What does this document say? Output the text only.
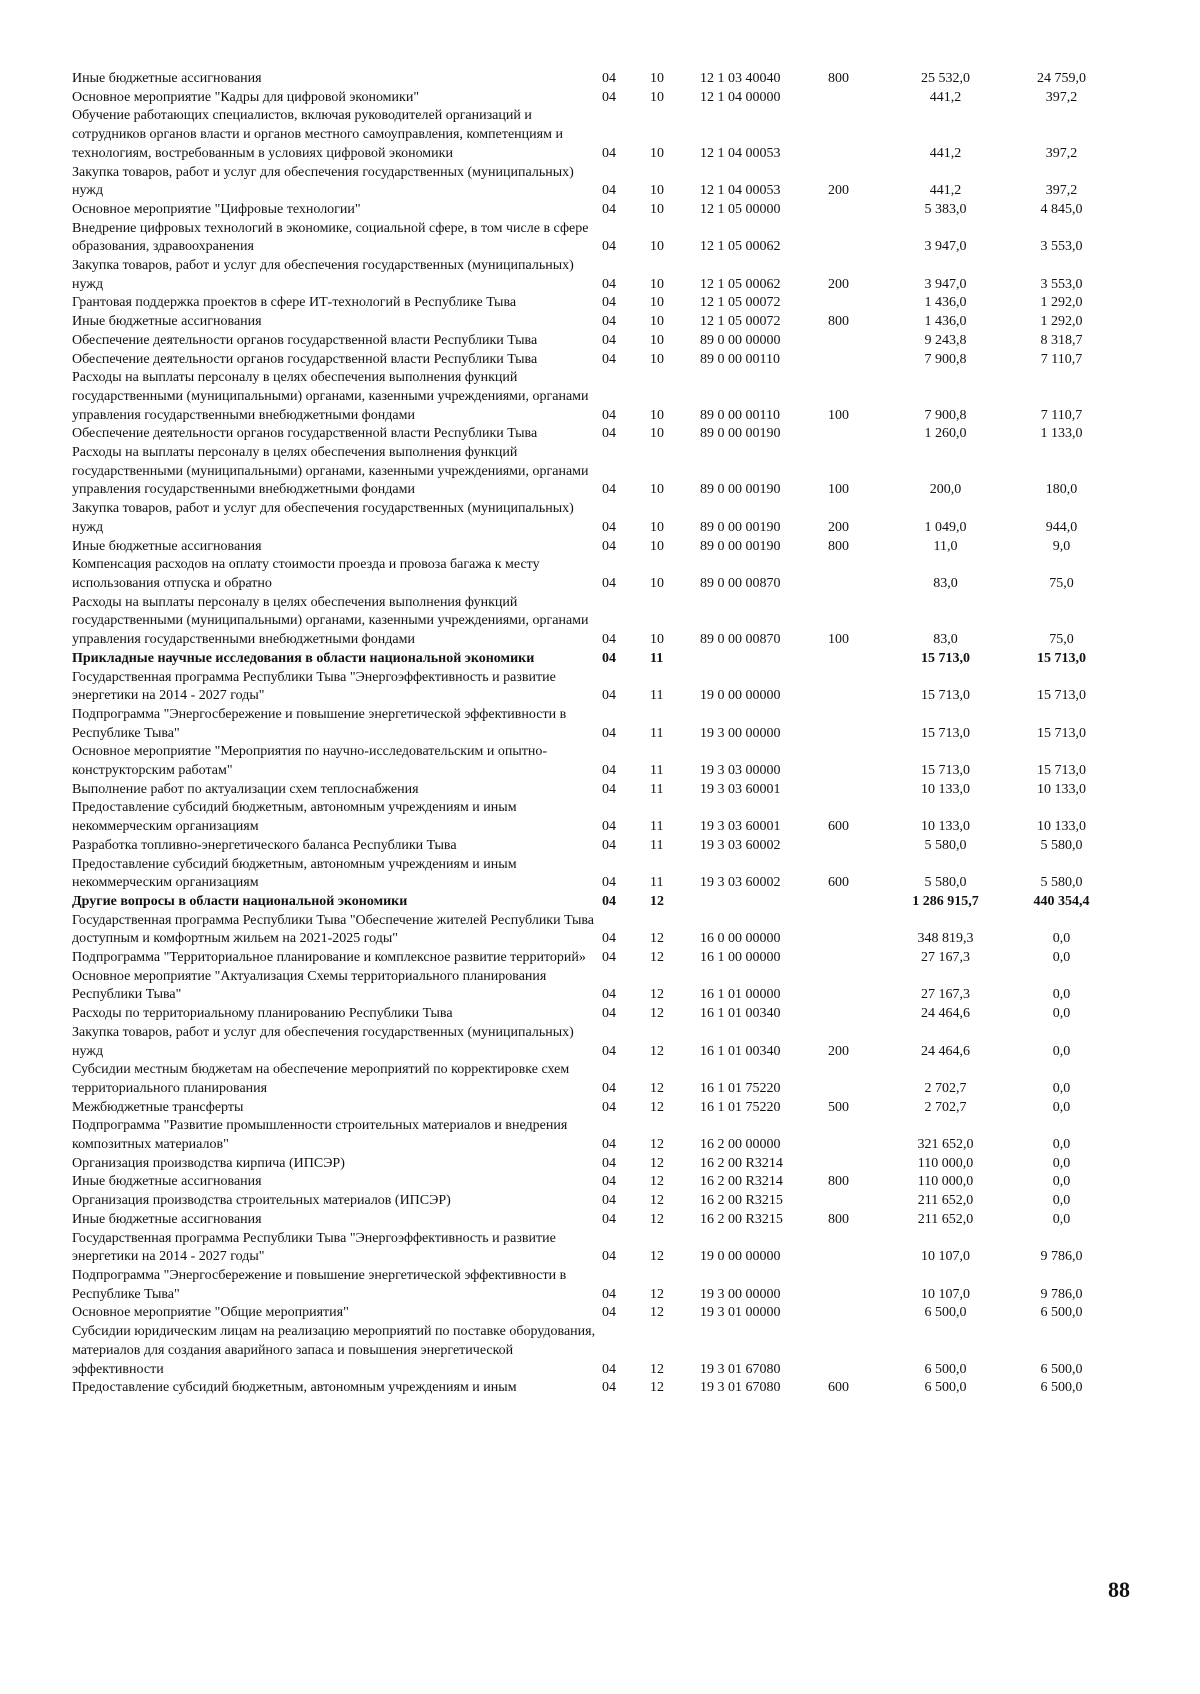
Иные бюджетные ассигнования	04	10	12 1 03 40040	800	25 532,0	24 759,0
Основное мероприятие "Кадры для цифровой экономики"	04	10	12 1 04 00000		441,2	397,2
Обучение работающих специалистов, включая руководителей организаций и сотрудников органов власти и органов местного самоуправления, компетенциям и технологиям, востребованным в условиях цифровой экономики	04	10	12 1 04 00053		441,2	397,2
Закупка товаров, работ и услуг для обеспечения государственных (муниципальных) нужд	04	10	12 1 04 00053	200	441,2	397,2
Основное мероприятие "Цифровые технологии"	04	10	12 1 05 00000		5 383,0	4 845,0
Внедрение цифровых технологий в экономике, социальной сфере, в том числе в сфере образования, здравоохранения	04	10	12 1 05 00062		3 947,0	3 553,0
Закупка товаров, работ и услуг для обеспечения государственных (муниципальных) нужд	04	10	12 1 05 00062	200	3 947,0	3 553,0
Грантовая поддержка проектов в сфере ИТ-технологий в Республике Тыва	04	10	12 1 05 00072		1 436,0	1 292,0
Иные бюджетные ассигнования	04	10	12 1 05 00072	800	1 436,0	1 292,0
Обеспечение деятельности органов государственной власти Республики Тыва	04	10	89 0 00 00000		9 243,8	8 318,7
Обеспечение деятельности органов государственной власти Республики Тыва	04	10	89 0 00 00110		7 900,8	7 110,7
Расходы на выплаты персоналу в целях обеспечения выполнения функций государственными (муниципальными) органами, казенными учреждениями, органами управления государственными внебюджетными фондами	04	10	89 0 00 00110	100	7 900,8	7 110,7
Обеспечение деятельности органов государственной власти Республики Тыва	04	10	89 0 00 00190		1 260,0	1 133,0
Расходы на выплаты персоналу в целях обеспечения выполнения функций государственными (муниципальными) органами, казенными учреждениями, органами управления государственными внебюджетными фондами	04	10	89 0 00 00190	100	200,0	180,0
Закупка товаров, работ и услуг для обеспечения государственных (муниципальных) нужд	04	10	89 0 00 00190	200	1 049,0	944,0
Иные бюджетные ассигнования	04	10	89 0 00 00190	800	11,0	9,0
Компенсация расходов на оплату стоимости проезда и провоза багажа к месту использования отпуска и обратно	04	10	89 0 00 00870		83,0	75,0
Расходы на выплаты персоналу в целях обеспечения выполнения функций государственными (муниципальными) органами, казенными учреждениями, органами управления государственными внебюджетными фондами	04	10	89 0 00 00870	100	83,0	75,0
Прикладные научные исследования в области национальной экономики	04	11			15 713,0	15 713,0
Государственная программа Республики Тыва "Энергоэффективность и развитие энергетики на 2014 - 2027 годы"	04	11	19 0 00 00000		15 713,0	15 713,0
Подпрограмма "Энергосбережение и повышение энергетической эффективности в Республике Тыва"	04	11	19 3 00 00000		15 713,0	15 713,0
Основное мероприятие "Мероприятия по научно-исследовательским и опытно-конструкторским работам"	04	11	19 3 03 00000		15 713,0	15 713,0
Выполнение работ по актуализации схем теплоснабжения	04	11	19 3 03 60001		10 133,0	10 133,0
Предоставление субсидий бюджетным, автономным учреждениям и иным некоммерческим организациям	04	11	19 3 03 60001	600	10 133,0	10 133,0
Разработка топливно-энергетического баланса Республики Тыва	04	11	19 3 03 60002		5 580,0	5 580,0
Предоставление субсидий бюджетным, автономным учреждениям и иным некоммерческим организациям	04	11	19 3 03 60002	600	5 580,0	5 580,0
Другие вопросы в области национальной экономики	04	12			1 286 915,7	440 354,4
Государственная программа Республики Тыва "Обеспечение жителей Республики Тыва доступным и комфортным жильем на 2021-2025 годы"	04	12	16 0 00 00000		348 819,3	0,0
Подпрограмма "Территориальное планирование и комплексное развитие территорий»	04	12	16 1 00 00000		27 167,3	0,0
Основное мероприятие "Актуализация Схемы территориального планирования Республики Тыва"	04	12	16 1 01 00000		27 167,3	0,0
Расходы по территориальному планированию Республики Тыва	04	12	16 1 01 00340		24 464,6	0,0
Закупка товаров, работ и услуг для обеспечения государственных (муниципальных) нужд	04	12	16 1 01 00340	200	24 464,6	0,0
Субсидии местным бюджетам на обеспечение мероприятий по корректировке схем территориального планирования	04	12	16 1 01 75220		2 702,7	0,0
Межбюджетные трансферты	04	12	16 1 01 75220	500	2 702,7	0,0
Подпрограмма "Развитие промышленности строительных материалов и внедрения композитных материалов"	04	12	16 2 00 00000		321 652,0	0,0
Организация производства кирпича (ИПСЭР)	04	12	16 2 00 R3214		110 000,0	0,0
Иные бюджетные ассигнования	04	12	16 2 00 R3214	800	110 000,0	0,0
Организация производства строительных материалов (ИПСЭР)	04	12	16 2 00 R3215		211 652,0	0,0
Иные бюджетные ассигнования	04	12	16 2 00 R3215	800	211 652,0	0,0
Государственная программа Республики Тыва "Энергоэффективность и развитие энергетики на 2014 - 2027 годы"	04	12	19 0 00 00000		10 107,0	9 786,0
Подпрограмма "Энергосбережение и повышение энергетической эффективности в Республике Тыва"	04	12	19 3 00 00000		10 107,0	9 786,0
Основное мероприятие "Общие мероприятия"	04	12	19 3 01 00000		6 500,0	6 500,0
Субсидии юридическим лицам на реализацию мероприятий по поставке оборудования, материалов для создания аварийного запаса и повышения энергетической эффективности	04	12	19 3 01 67080		6 500,0	6 500,0
Предоставление субсидий бюджетным, автономным учреждениям и иным	04	12	19 3 01 67080	600	6 500,0	6 500,0
88
